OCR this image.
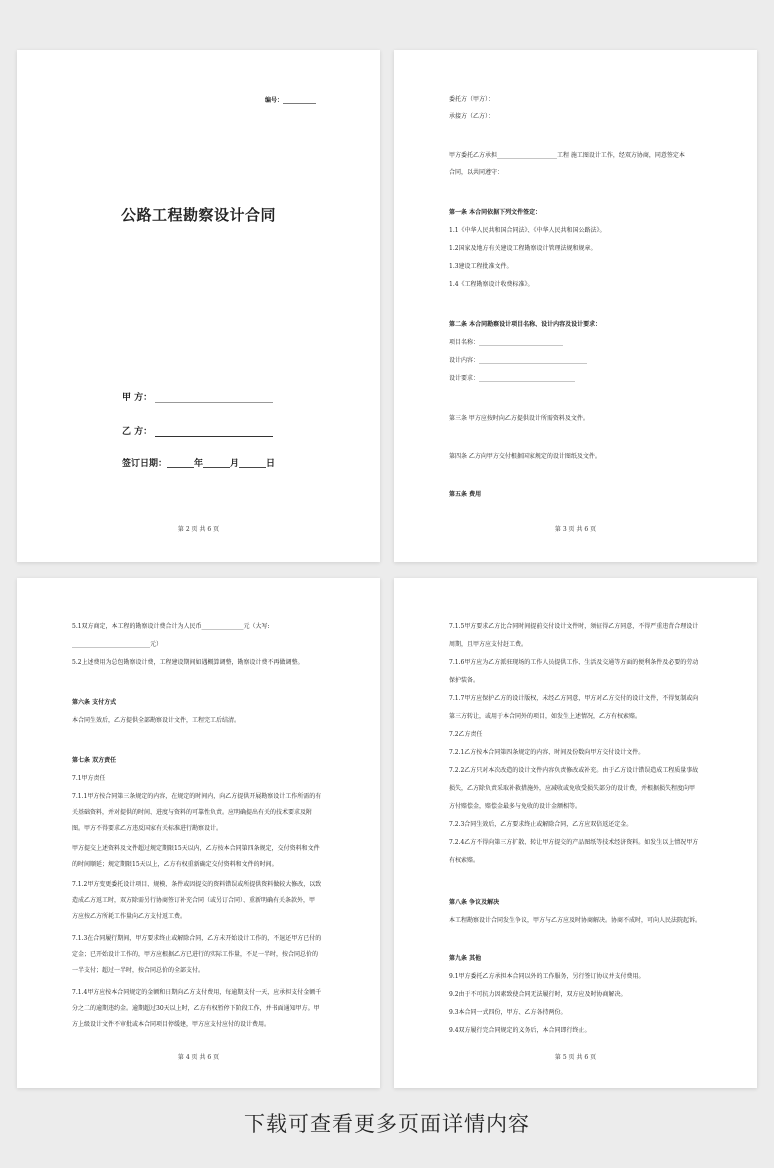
编号：___________
公路工程勘察设计合同
甲 方：
乙 方：
签订日期：______年______月______日
第 2 页 共 6 页
委托方（甲方）：
承接方（乙方）：
甲方委托乙方承担____________________工程 施工图设计工作，经双方协商，同意签定本
合同，以共同遵守：
第一条 本合同依据下列文件签定：
1.1《中华人民共和国合同法》、《中华人民共和国公路法》。
1.2国家及地方有关建设工程勘察设计管理法规和规章。
1.3建设工程批准文件。
1.4《工程勘察设计收费标准》。
第二条 本合同勘察设计项目名称、设计内容及设计要求：
项目名称：____________________________
设计内容：____________________________________
设计要求：________________________________
第三条 甲方应按时向乙方提供设计所需资料及文件。
第四条 乙方向甲方交付根据国家规定的设计图纸及文件。
第五条 费用
第 3 页 共 6 页
5.1双方商定，本工程的勘察设计费合计为人民币______________元（大写:
__________________________元）
5.2上述费用为总包勘察设计费，工程建设期间如遇概算调整，勘察设计费不再做调整。
第六条 支付方式
本合同生效后，乙方提供全部勘察设计文件，工程完工后结清。
第七条 双方责任
7.1甲方责任
7.1.1甲方按合同第三条规定的内容，在规定的时间内，向乙方提供开展勘察设计工作所需的有
关基础资料，并对提供的时间、进度与资料的可靠性负责。应明确提出有关的技术要求及附
图。甲方不得要求乙方违反国家有关标准进行勘察设计。
甲方提交上述资料及文件超过规定期限15天以内，乙方按本合同第四条规定，交付资料和文件
的时间顺延；规定期限15天以上，乙方有权重新确定交付资料和文件的时间。
7.1.2甲方变更委托设计项目、规模、条件或因提交的资料错误或所提供资料做较大修改，以致
造成乙方返工时，双方除需另行协商签订补充合同（或另订合同）、重新明确有关条款外，甲
方应按乙方所耗工作量向乙方支付返工费。
7.1.3在合同履行期间，甲方要求终止或解除合同，乙方未开始设计工作的，不退还甲方已付的
定金；已开始设计工作的，甲方应根据乙方已进行的实际工作量，不足一半时，按合同总价的
一半支付；超过一半时，按合同总价的全部支付。
7.1.4甲方应按本合同规定的金额和日期向乙方支付费用，每逾期支付一天，应承担支付金额千
分之二的逾期违约金。逾期超过30天以上时，乙方有权暂停下阶段工作，并书面通知甲方。甲
方上级设计文件不审批或本合同项目停缓建，甲方应支付应付的设计费用。
第 4 页 共 6 页
7.1.5甲方要求乙方比合同时间提前交付设计文件时，须征得乙方同意，不得严重违背合理设计
周期，且甲方应支付赶工费。
7.1.6甲方应为乙方派驻现场的工作人员提供工作、生活及交通等方面的便利条件及必要的劳动
保护装备。
7.1.7甲方应保护乙方的设计版权，未经乙方同意，甲方对乙方交付的设计文件，不得复制或向
第三方转让，或用于本合同外的项目，如发生上述情况，乙方有权索赔。
7.2乙方责任
7.2.1乙方按本合同第四条规定的内容、时间及份数向甲方交付设计文件。
7.2.2乙方只对本次改造的设计文件内容负责修改或补充。由于乙方设计错误造成工程质量事故
损失，乙方除负责采取补救措施外，应减收或免收受损失部分的设计费，并根据损失程度向甲
方付赔偿金，赔偿金最多与免收的设计金额相等。
7.2.3合同生效后，乙方要求终止或解除合同，乙方应双倍返还定金。
7.2.4乙方不得向第三方扩散、转让甲方提交的产品图纸等技术经济资料。如发生以上情况甲方
有权索赔。
第八条 争议及解决
本工程勘察设计合同发生争议，甲方与乙方应及时协商解决。协商不成时，可向人民法院起诉。
第九条 其他
9.1甲方委托乙方承担本合同以外的工作服务，另行签订协议并支付费用。
9.2由于不可抗力因素致使合同无法履行时，双方应及时协商解决。
9.3本合同一式四份，甲方、乙方各持两份。
9.4双方履行完合同规定的义务后，本合同即行终止。
第 5 页 共 6 页
下载可查看更多页面详情内容
